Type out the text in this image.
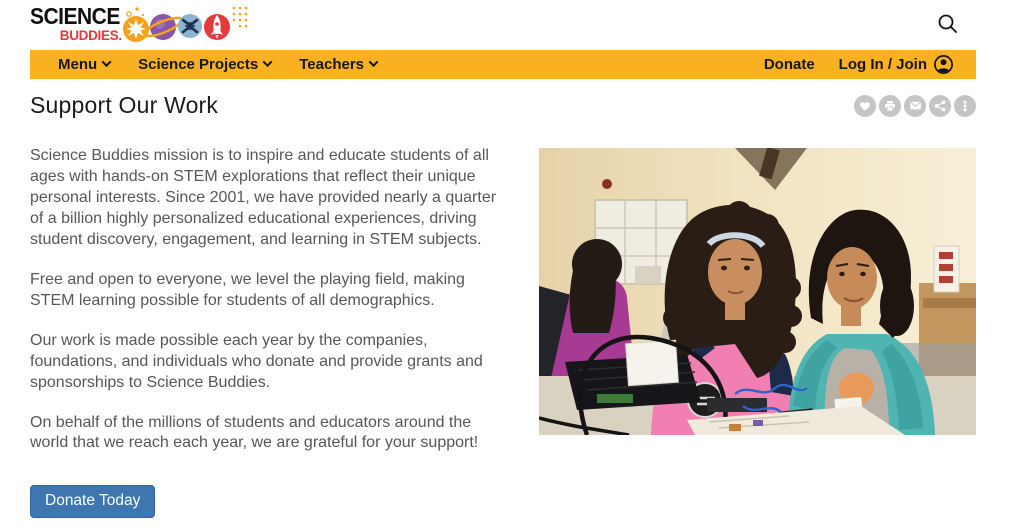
SCIENCE
BUDDIES.
Menu	Science Projects	Teachers	Donate Log In / Join
Support Our Work

Science Buddies mission is to inspire and educate students of all ages with hands-on STEM explorations that reflect their unique personal interests. Since 2001, we have provided nearly a quarter of a billion highly personalized educational experiences, driving student discovery, engagement, and learning in STEM subjects.

Free and open to everyone, we level the playing field, making STEM learning possible for students of all demographics.

Our work is made possible each year by the companies, foundations, and individuals who donate and provide grants and sponsorships to Science Buddies.

On behalf of the millions of students and educators around the world that we reach each year, we are grateful for your support!

Donate Today
